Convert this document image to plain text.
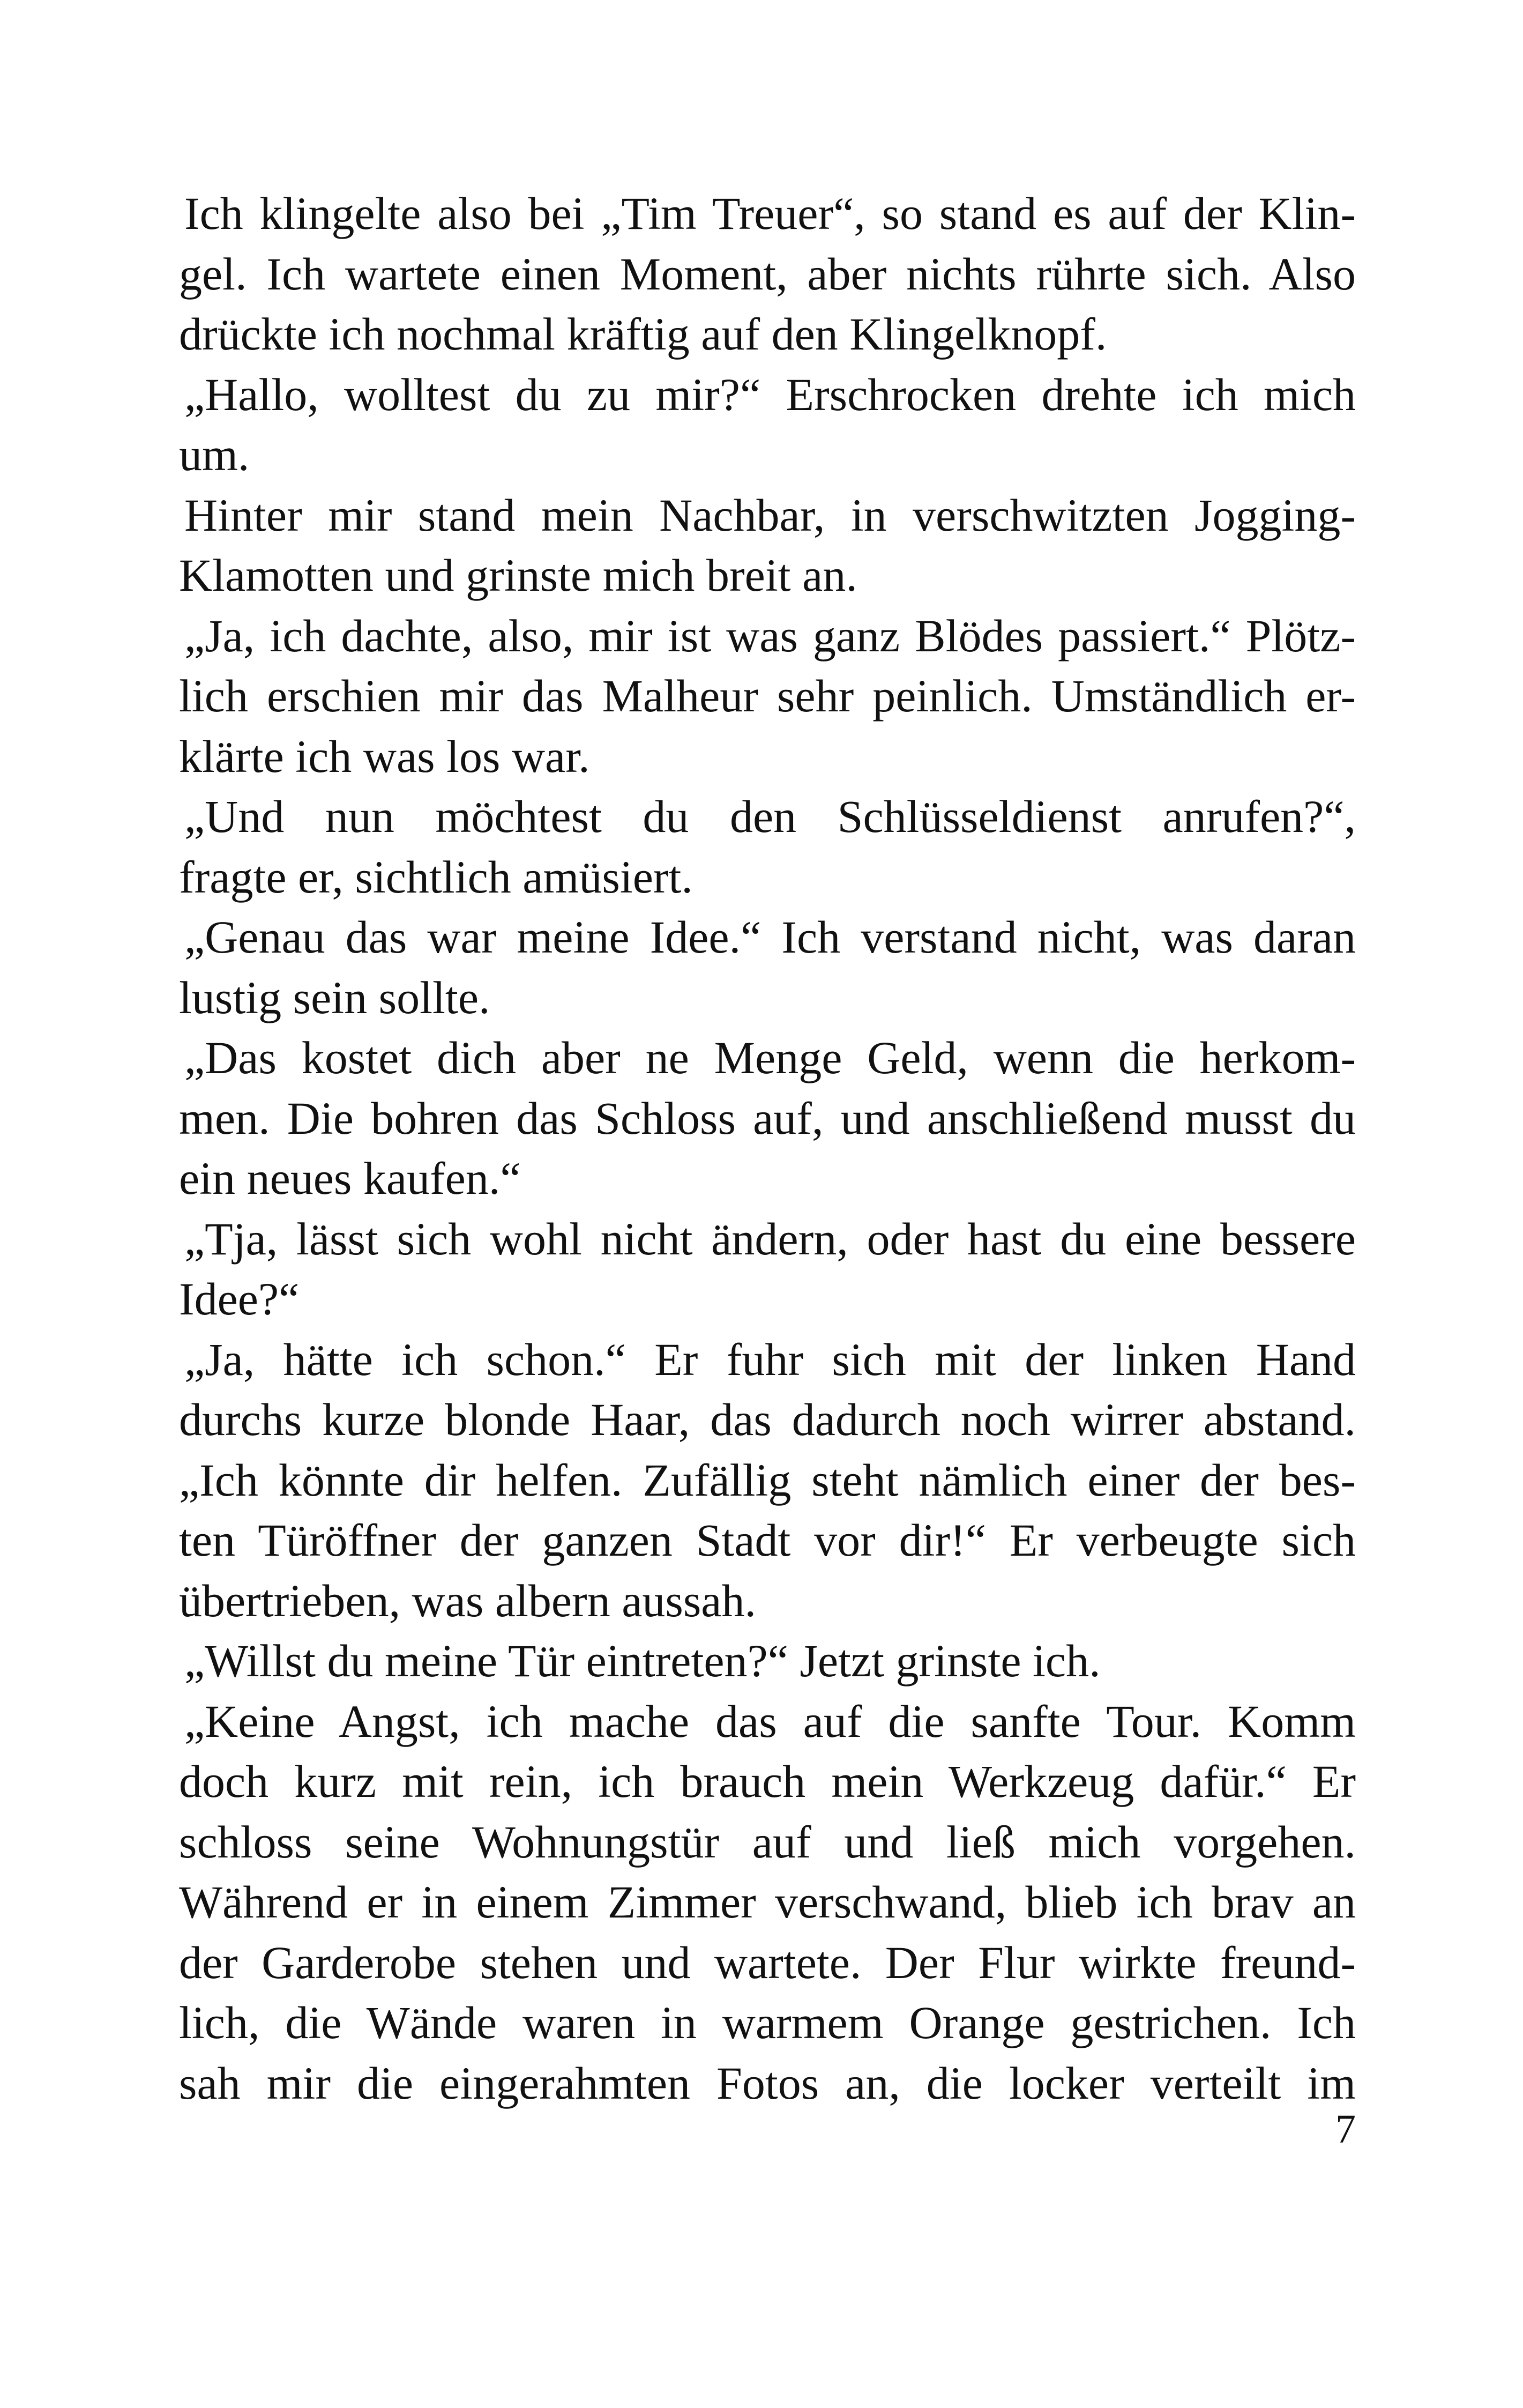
Ich klingelte also bei „Tim Treuer“, so stand es auf der Klin-
gel. Ich wartete einen Moment, aber nichts rührte sich. Also
drückte ich nochmal kräftig auf den Klingelknopf.
„Hallo, wolltest du zu mir?“ Erschrocken drehte ich mich
um.
Hinter mir stand mein Nachbar, in verschwitzten Jogging-
Klamotten und grinste mich breit an.
„Ja, ich dachte, also, mir ist was ganz Blödes passiert.“ Plötz-
lich erschien mir das Malheur sehr peinlich. Umständlich er-
klärte ich was los war.
„Und nun möchtest du den Schlüsseldienst anrufen?“,
fragte er, sichtlich amüsiert.
„Genau das war meine Idee.“ Ich verstand nicht, was daran
lustig sein sollte.
„Das kostet dich aber ne Menge Geld, wenn die herkom-
men. Die bohren das Schloss auf, und anschließend musst du
ein neues kaufen.“
„Tja, lässt sich wohl nicht ändern, oder hast du eine bessere
Idee?“
„Ja, hätte ich schon.“ Er fuhr sich mit der linken Hand
durchs kurze blonde Haar, das dadurch noch wirrer abstand.
„Ich könnte dir helfen. Zufällig steht nämlich einer der bes-
ten Türöffner der ganzen Stadt vor dir!“ Er verbeugte sich
übertrieben, was albern aussah.
„Willst du meine Tür eintreten?“ Jetzt grinste ich.
„Keine Angst, ich mache das auf die sanfte Tour. Komm
doch kurz mit rein, ich brauch mein Werkzeug dafür.“ Er
schloss seine Wohnungstür auf und ließ mich vorgehen.
Während er in einem Zimmer verschwand, blieb ich brav an
der Garderobe stehen und wartete. Der Flur wirkte freund-
lich, die Wände waren in warmem Orange gestrichen. Ich
sah mir die eingerahmten Fotos an, die locker verteilt im
7
